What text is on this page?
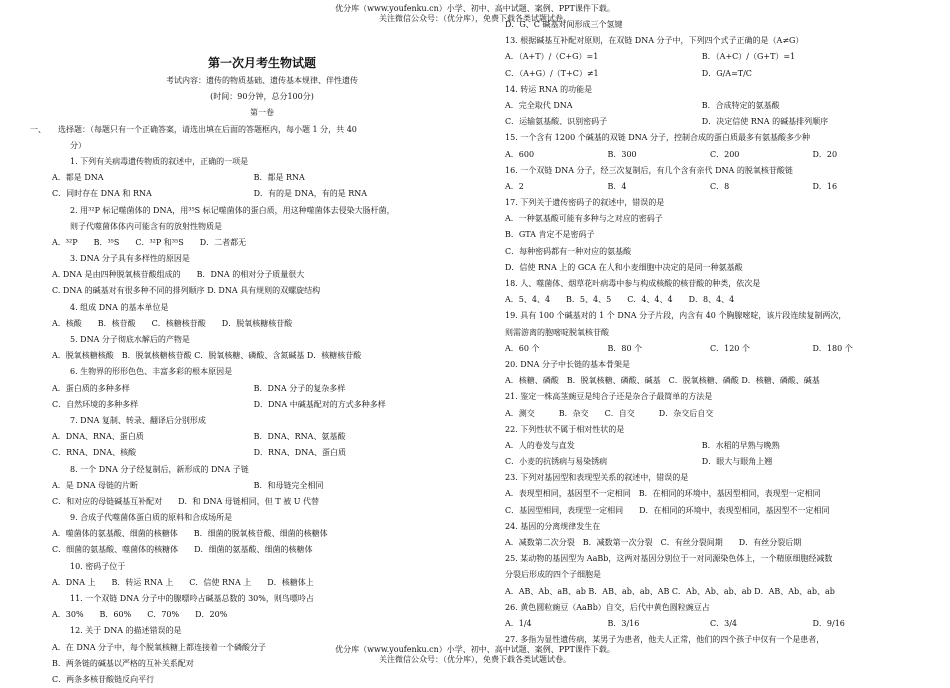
优分库（www.youfenku.cn）小学、初中、高中试题、案例、PPT课件下载。
关注微信公众号：（优分库），免费下载各类试题试卷。
第一次月考生物试题
考试内容：遗传的物质基础、遗传基本规律、伴性遗传
(时间：90分钟，总分100分)
第一卷
一、　　选择题：（每题只有一个正确答案，请选出填在后面的答题框内，每小题 1 分，共 40
分）
1. 下列有关病毒遗传物质的叙述中，正确的一项是
A．都是 DNA	B．都是 RNA
C．同时存在 DNA 和 RNA	D．有的是 DNA，有的是 RNA
2. 用³²P 标记噬菌体的 DNA，用³⁵S 标记噬菌体的蛋白质，用这种噬菌体去侵染大肠杆菌，
则子代噬菌体体内可能含有的放射性物质是
A．³²P　　B．³⁵S　　C．³²P 和³⁵S　　D．二者都无
3. DNA 分子具有多样性的原因是
A. DNA 是由四种脱氧核苷酸组成的　　B．DNA 的相对分子质量很大
C. DNA 的碱基对有很多种不同的排列顺序 D. DNA 具有规则的双螺旋结构
4. 组成 DNA 的基本单位是
A．核酸　　B．核苷酸　　C．核糖核苷酸　　D．脱氧核糖核苷酸
5. DNA 分子彻底水解后的产物是
A．脱氧核糖核酸　B．脱氧核糖核苷酸 C．脱氧核糖、磷酸、含氮碱基 D．核糖核苷酸
6. 生物界的形形色色、丰富多彩的根本原因是
A．蛋白质的多种多样	B．DNA 分子的复杂多样
C．自然环境的多种多样	D．DNA 中碱基配对的方式多种多样
7. DNA 复制、转录、翻译后分别形成
A．DNA、RNA、蛋白质	B．DNA、RNA、氨基酸
C．RNA、DNA、核酸	D．RNA、DNA、蛋白质
8. 一个 DNA 分子经复制后，新形成的 DNA 子链
A．是 DNA 母链的片断	B．和母链完全相同
C．和对应的母链碱基互补配对　　D．和 DNA 母链相同，但 T 被 U 代替
9. 合成子代噬菌体蛋白质的原料和合成场所是
A．噬菌体的氨基酸、细菌的核糖体　　B．细菌的脱氧核苷酸、细菌的核糖体
C．细菌的氨基酸、噬菌体的核糖体　　D．细菌的氨基酸、细菌的核糖体
10. 密码子位于
A．DNA 上　　B．转运 RNA 上　　C．信使 RNA 上　　D．核糖体上
11. 一个双链 DNA 分子中的腺嘌呤占碱基总数的 30%，则鸟嘌呤占
A．30%　　B．60%　　C．70%　　D．20%
12. 关于 DNA 的描述错误的是
A．在 DNA 分子中，每个脱氧核糖上都连接着一个磷酸分子
B．两条链的碱基以严格的互补关系配对
C．两条多核苷酸链反向平行
D．G、C 碱基对间形成三个氢键
13. 根据碱基互补配对原则，在双链 DNA 分子中，下列四个式子正确的是（A≠G）
A．（A+T）/（C+G）=1	B．（A+C）/（G+T）=1
C．（A+G）/（T+C）≠1	D．G/A=T/C
14. 转运 RNA 的功能是
A．完全取代 DNA	B．合成特定的氨基酸
C．运输氨基酸、识别密码子	D．决定信使 RNA 的碱基排列顺序
15. 一个含有 1200 个碱基的双链 DNA 分子，控制合成的蛋白质最多有氨基酸多少种
A．600	B．300	C．200	D．20
16. 一个双链 DNA 分子，经三次复制后，有几个含有亲代 DNA 的脱氧核苷酸链
A．2	B．4	C．8	D．16
17. 下列关于遗传密码子的叙述中，错误的是
A．一种氨基酸可能有多种与之对应的密码子
B．GTA 肯定不是密码子
C．每种密码都有一种对应的氨基酸
D．信使 RNA 上的 GCA 在人和小麦细胞中决定的是同一种氨基酸
18. 人、噬菌体、烟草花叶病毒中参与构成核酸的核苷酸的种类，依次是
A．5、4、4　　B．5、4、5　　C．4、4、4　　D．8、4、4
19. 具有 100 个碱基对的 1 个 DNA 分子片段，内含有 40 个胸腺嘧啶，该片段连续复制两次，
则需游离的胞嘧啶脱氧核苷酸
A．60 个	B．80 个	C．120 个	D．180 个
20. DNA 分子中长链的基本骨架是
A．核糖、磷酸　B．脱氧核糖、磷酸、碱基　C．脱氧核糖、磷酸 D．核糖、磷酸、碱基
21. 鉴定一株高茎豌豆是纯合子还是杂合子最简单的方法是
A．测交　　　B．杂交　　C．自交　　　D．杂交后自交
22. 下列性状不属于相对性状的是
A．人的卷发与直发	B．水稻的早熟与晚熟
C．小麦的抗锈病与易染锈病	D．眼大与眼角上翘
23. 下列对基因型和表现型关系的叙述中，错误的是
A．表现型相同，基因型不一定相同　B．在相同的环境中，基因型相同，表现型一定相同
C．基因型相同，表现型一定相同　　D．在相同的环境中，表现型相同，基因型不一定相同
24. 基因的分离规律发生在
A．减数第二次分裂　B．减数第一次分裂　C．有丝分裂间期　　D．有丝分裂后期
25. 某动物的基因型为 AaBb，这两对基因分别位于一对同源染色体上，一个精原细胞经减数
分裂后形成的四个子细胞是
A．AB、Ab、aB、ab B．AB、ab、ab、AB C．Ab、Ab、ab、ab D．AB、Ab、ab、ab
26. 黄色圆粒豌豆（AaBb）自交，后代中黄色圆粒豌豆占
A．1/4	B．3/16	C．3/4	D．9/16
27. 多指为显性遗传病，某男子为患者，他夫人正常，他们的四个孩子中仅有一个是患者，
优分库（www.youfenku.cn）小学、初中、高中试题、案例、PPT课件下载。
关注微信公众号：（优分库），免费下载各类试题试卷。
